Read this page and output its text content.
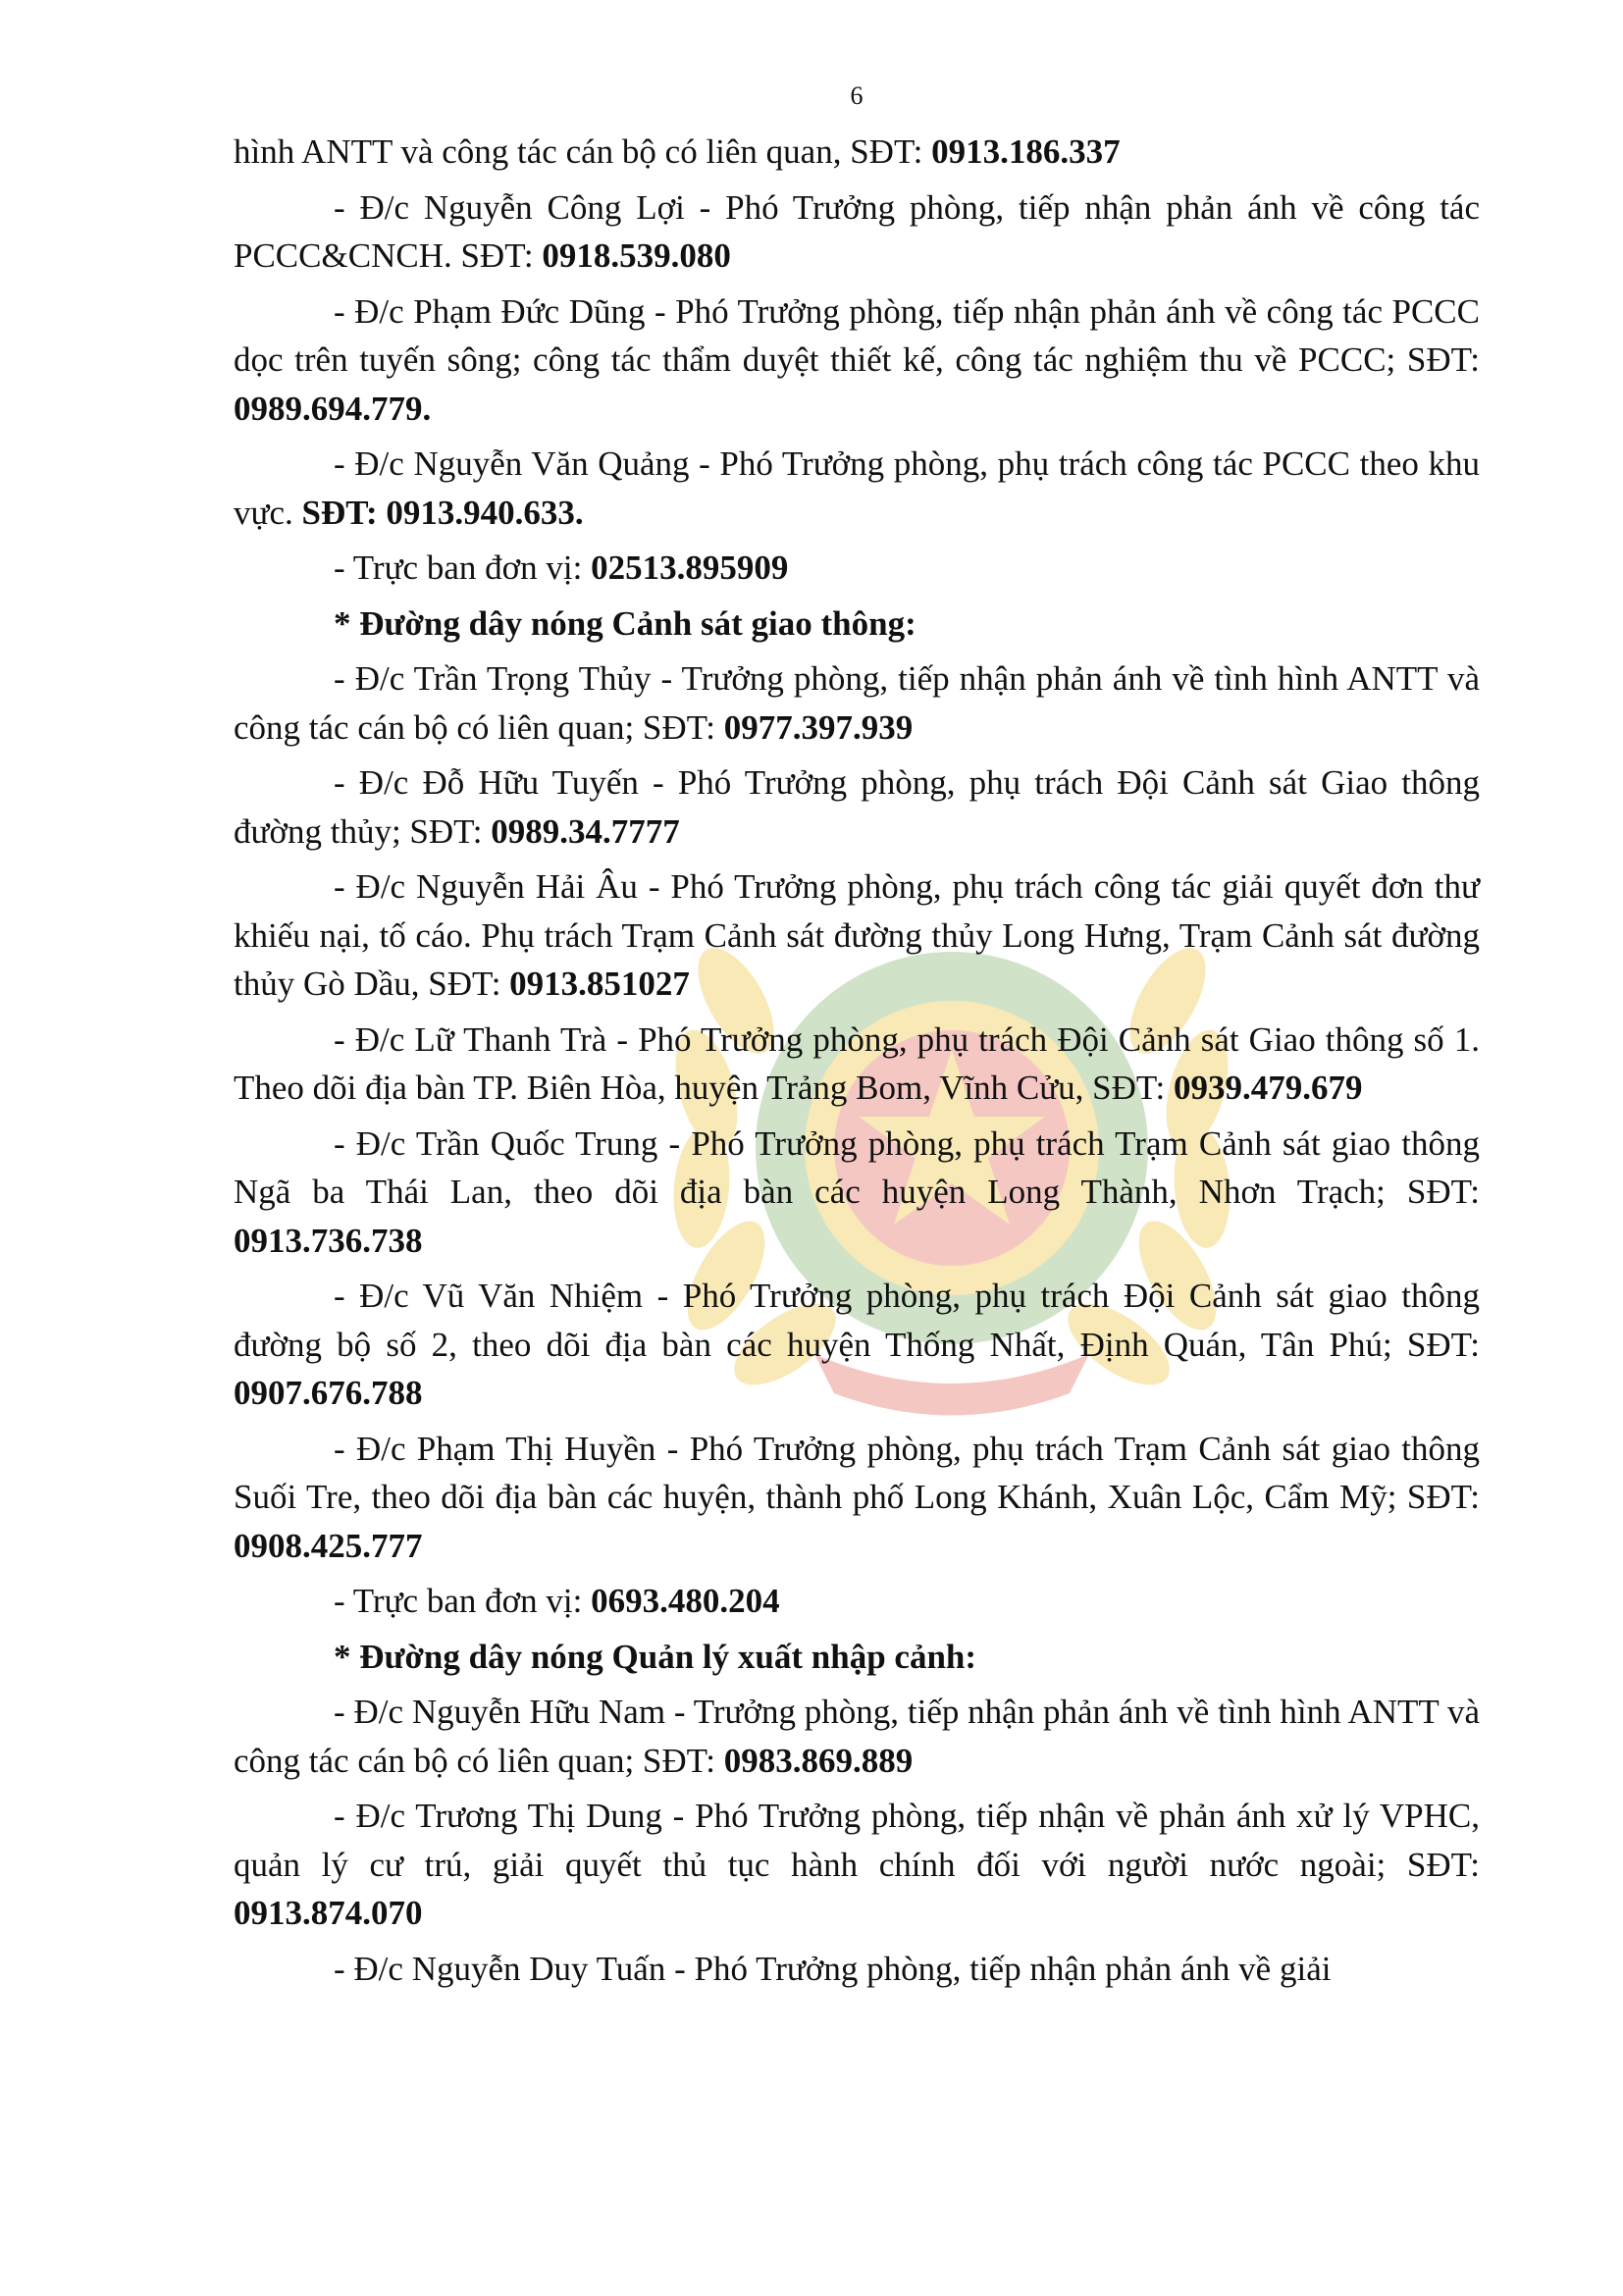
6

hình ANTT và công tác cán bộ có liên quan, SĐT: 0913.186.337

- Đ/c Nguyễn Công Lợi - Phó Trưởng phòng, tiếp nhận phản ánh về công tác PCCC&CNCH. SĐT: 0918.539.080

- Đ/c Phạm Đức Dũng - Phó Trưởng phòng, tiếp nhận phản ánh về công tác PCCC dọc trên tuyến sông; công tác thẩm duyệt thiết kế, công tác nghiệm thu về PCCC; SĐT: 0989.694.779.

- Đ/c Nguyễn Văn Quảng - Phó Trưởng phòng, phụ trách công tác PCCC theo khu vực. SĐT: 0913.940.633.

- Trực ban đơn vị: 02513.895909

* Đường dây nóng Cảnh sát giao thông:

- Đ/c Trần Trọng Thủy - Trưởng phòng, tiếp nhận phản ánh về tình hình ANTT và công tác cán bộ có liên quan; SĐT: 0977.397.939

- Đ/c Đỗ Hữu Tuyến - Phó Trưởng phòng, phụ trách Đội Cảnh sát Giao thông đường thủy; SĐT: 0989.34.7777

- Đ/c Nguyễn Hải Âu - Phó Trưởng phòng, phụ trách công tác giải quyết đơn thư khiếu nại, tố cáo. Phụ trách Trạm Cảnh sát đường thủy Long Hưng, Trạm Cảnh sát đường thủy Gò Dầu, SĐT: 0913.851027

- Đ/c Lữ Thanh Trà - Phó Trưởng phòng, phụ trách Đội Cảnh sát Giao thông số 1. Theo dõi địa bàn TP. Biên Hòa, huyện Trảng Bom, Vĩnh Cửu, SĐT: 0939.479.679

- Đ/c Trần Quốc Trung - Phó Trưởng phòng, phụ trách Trạm Cảnh sát giao thông Ngã ba Thái Lan, theo dõi địa bàn các huyện Long Thành, Nhơn Trạch; SĐT: 0913.736.738

- Đ/c Vũ Văn Nhiệm - Phó Trưởng phòng, phụ trách Đội Cảnh sát giao thông đường bộ số 2, theo dõi địa bàn các huyện Thống Nhất, Định Quán, Tân Phú; SĐT: 0907.676.788

- Đ/c Phạm Thị Huyền - Phó Trưởng phòng, phụ trách Trạm Cảnh sát giao thông Suối Tre, theo dõi địa bàn các huyện, thành phố Long Khánh, Xuân Lộc, Cẩm Mỹ; SĐT: 0908.425.777

- Trực ban đơn vị: 0693.480.204

* Đường dây nóng Quản lý xuất nhập cảnh:

- Đ/c Nguyễn Hữu Nam - Trưởng phòng, tiếp nhận phản ánh về tình hình ANTT và công tác cán bộ có liên quan; SĐT: 0983.869.889

- Đ/c Trương Thị Dung - Phó Trưởng phòng, tiếp nhận về phản ánh xử lý VPHC, quản lý cư trú, giải quyết thủ tục hành chính đối với người nước ngoài; SĐT: 0913.874.070

- Đ/c Nguyễn Duy Tuấn - Phó Trưởng phòng, tiếp nhận phản ánh về giải
